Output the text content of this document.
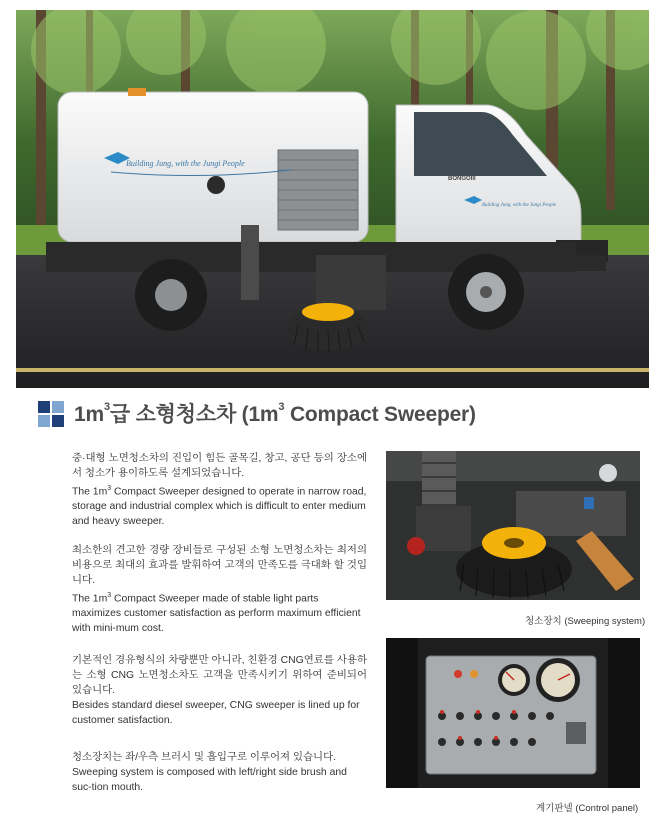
Building Jung, with the Jungi People
BONGOIII
Building Jung, with the Jungi People
$1m^3$급 소형청소차 ($1m^3$ Compact Sweeper)
중·대형 노면청소차의 진입이 힘든 골목길, 창고, 공단 등의 장소에서 청소가 용이하도록 설계되었습니다.
The $1m^3$ Compact Sweeper designed to operate in narrow road, storage and industrial complex which is difficult to enter medium and heavy sweeper.
최소한의 견고한 경량 장비들로 구성된 소형 노면청소차는 최저의 비용으로 최대의 효과를 발휘하여 고객의 만족도를 극대화 할 것입니다.
The $1m^3$ Compact Sweeper made of stable light parts maximizes customer satisfaction as perform maximum efficient with mini-mum cost.
기본적인 경유형식의 차량뿐만 아니라, 친환경 CNG연료를 사용하는 소형 CNG 노면청소차도 고객을 만족시키기 위하여 준비되어 있습니다.
Besides standard diesel sweeper, CNG sweeper is lined up for customer satisfaction.
청소장치는 좌/우측 브러시 및 흡입구로 이루어져 있습니다.
Sweeping system is composed with left/right side brush and suc-tion mouth.
청소장치 (Sweeping system)
계기판넬 (Control panel)
